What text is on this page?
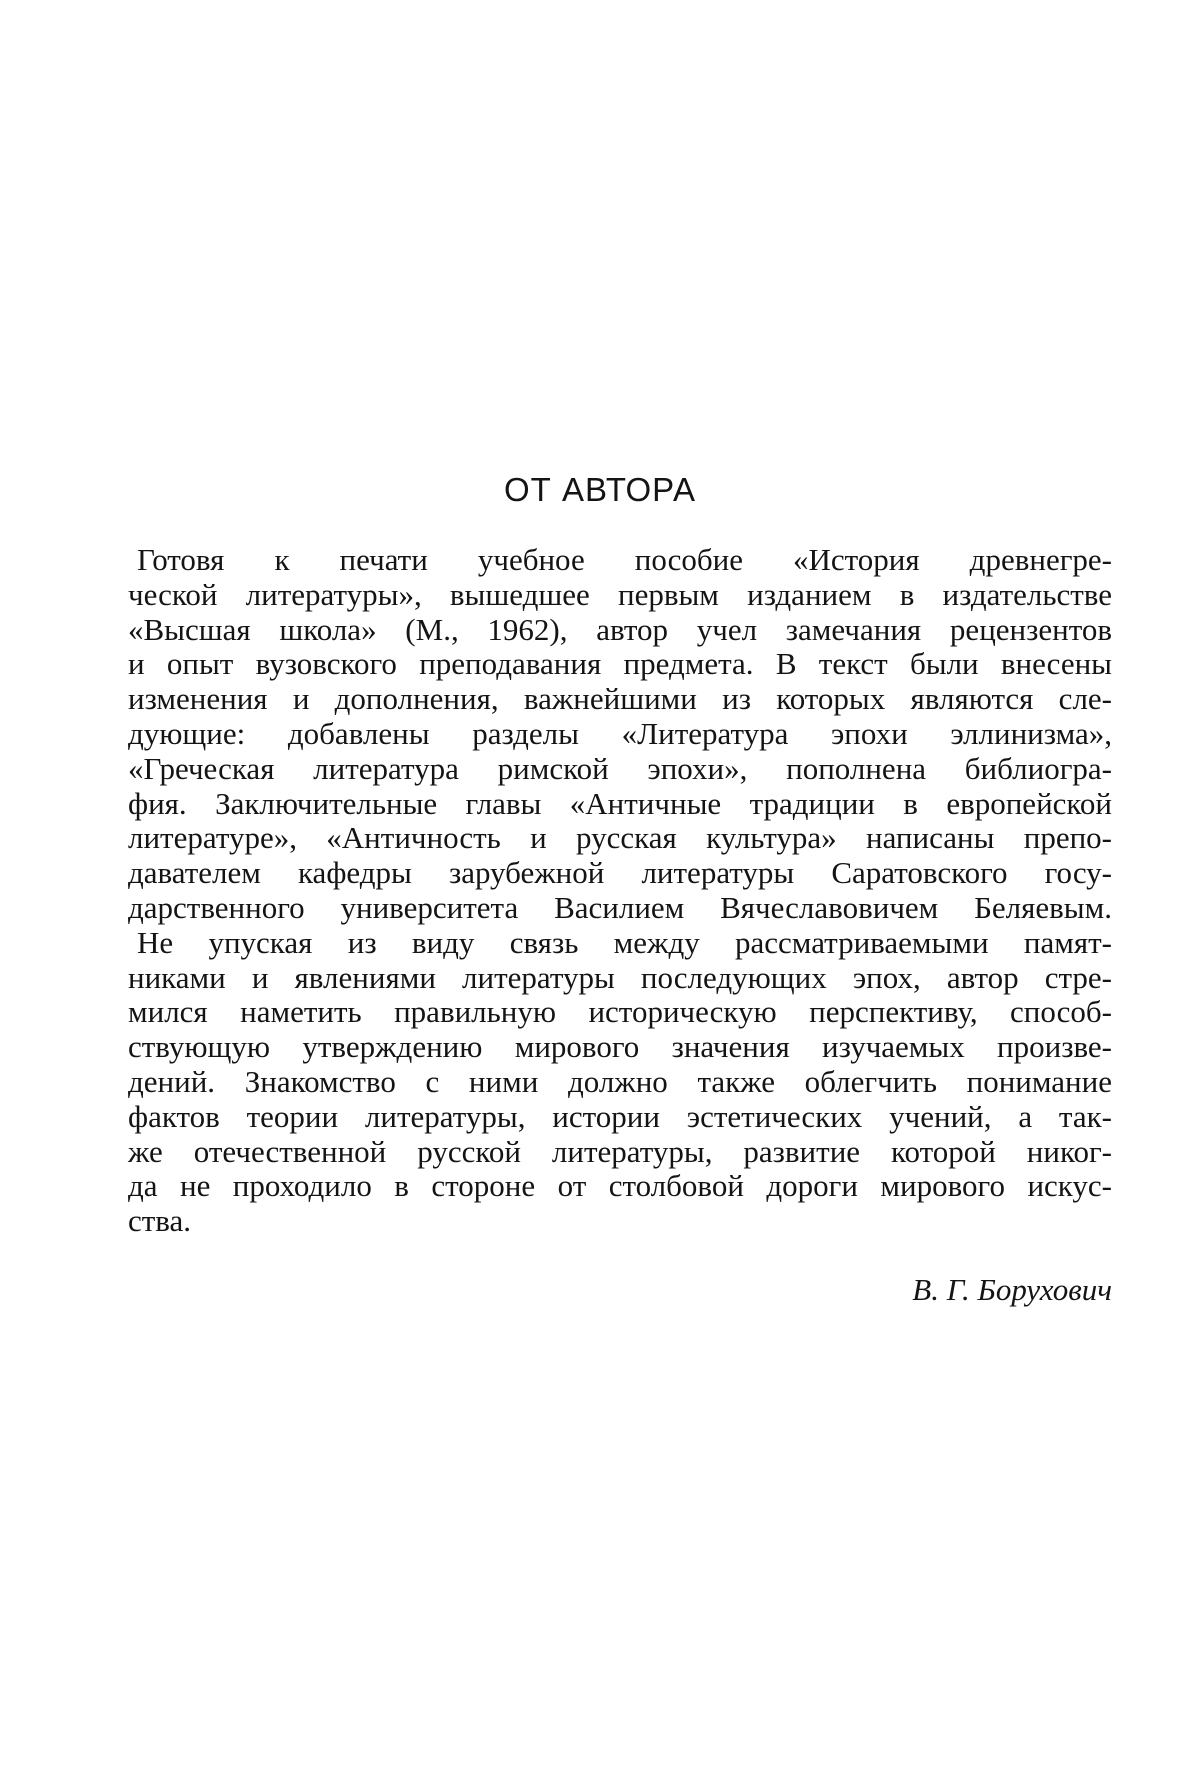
ОТ АВТОРА
Готовя к печати учебное пособие «История древнегре-
ческой литературы», вышедшее первым изданием в издательстве
«Высшая школа» (М., 1962), автор учел замечания рецензентов
и опыт вузовского преподавания предмета. В текст были внесены
изменения и дополнения, важнейшими из которых являются сле-
дующие: добавлены разделы «Литература эпохи эллинизма»,
«Греческая литература римской эпохи», пополнена библиогра-
фия. Заключительные главы «Античные традиции в европейской
литературе», «Античность и русская культура» написаны препо-
давателем кафедры зарубежной литературы Саратовского госу-
дарственного университета Василием Вячеславовичем Беляевым.
Не упуская из виду связь между рассматриваемыми памят-
никами и явлениями литературы последующих эпох, автор стре-
мился наметить правильную историческую перспективу, способ-
ствующую утверждению мирового значения изучаемых произве-
дений. Знакомство с ними должно также облегчить понимание
фактов теории литературы, истории эстетических учений, а так-
же отечественной русской литературы, развитие которой никог-
да не проходило в стороне от столбовой дороги мирового искус-
ства.
В. Г. Борухович
